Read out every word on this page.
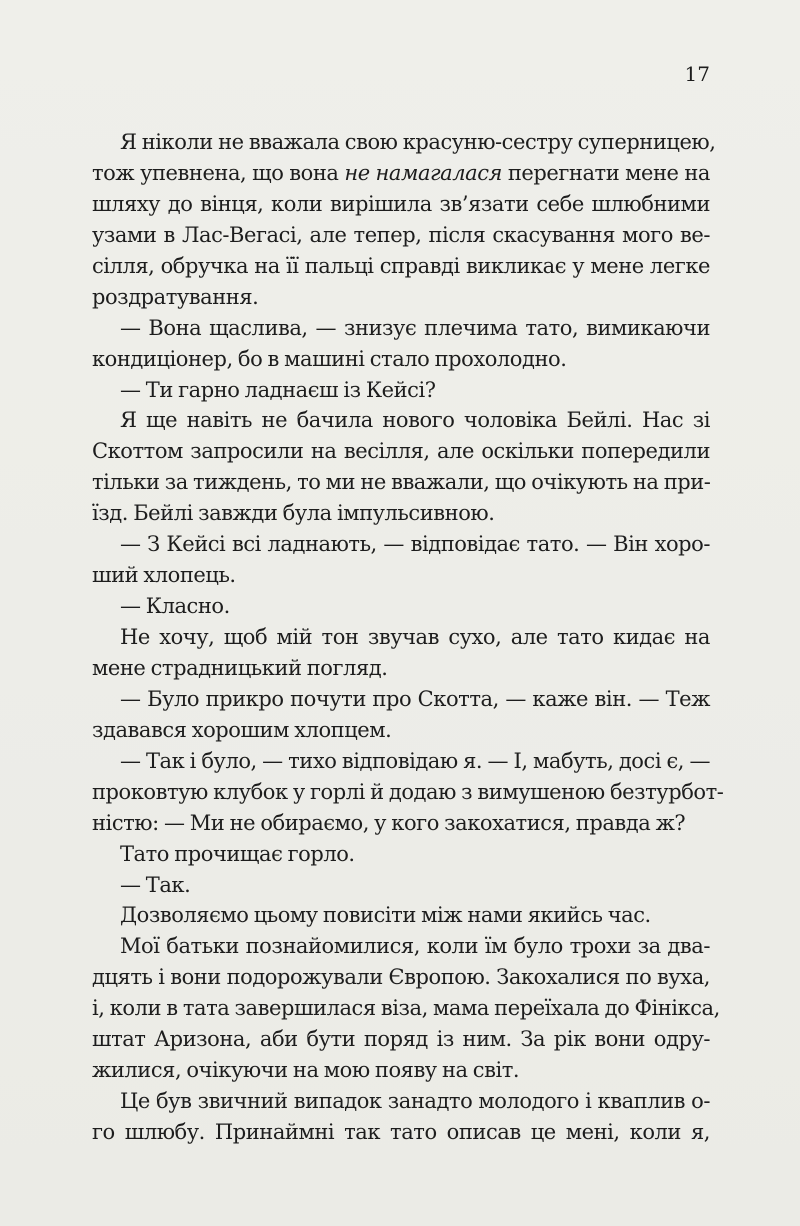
17
Я ніколи не вважала свою красуню-сестру суперницею,
тож упевнена, що вона не намагалася перегнати мене на
шляху до вінця, коли вирішила зв’язати себе шлюбними
узами в Лас-Вегасі, але тепер, після скасування мого ве-
сілля, обручка на її пальці справді викликає у мене легке
роздратування.
— Вона щаслива, — знизує плечима тато, вимикаючи
кондиціонер, бо в машині стало прохолодно.
— Ти гарно ладнаєш із Кейсі?
Я ще навіть не бачила нового чоловіка Бейлі. Нас зі
Скоттом запросили на весілля, але оскільки попередили
тільки за тиждень, то ми не вважали, що очікують на при-
їзд. Бейлі завжди була імпульсивною.
— З Кейсі всі ладнають, — відповідає тато. — Він хоро-
ший хлопець.
— Класно.
Не хочу, щоб мій тон звучав сухо, але тато кидає на
мене страдницький погляд.
— Було прикро почути про Скотта, — каже він. — Теж
здавався хорошим хлопцем.
— Так і було, — тихо відповідаю я. — І, мабуть, досі є, —
проковтую клубок у горлі й додаю з вимушеною безтурбот-
ністю: — Ми не обираємо, у кого закохатися, правда ж?
Тато прочищає горло.
— Так.
Дозволяємо цьому повисіти між нами якийсь час.
Мої батьки познайомилися, коли їм було трохи за два-
дцять і вони подорожували Європою. Закохалися по вуха,
і, коли в тата завершилася віза, мама переїхала до Фінікса,
штат Аризона, аби бути поряд із ним. За рік вони одру-
жилися, очікуючи на мою появу на світ.
Це був звичний випадок занадто молодого і кваплив о-
го шлюбу. Принаймні так тато описав це мені, коли я,
